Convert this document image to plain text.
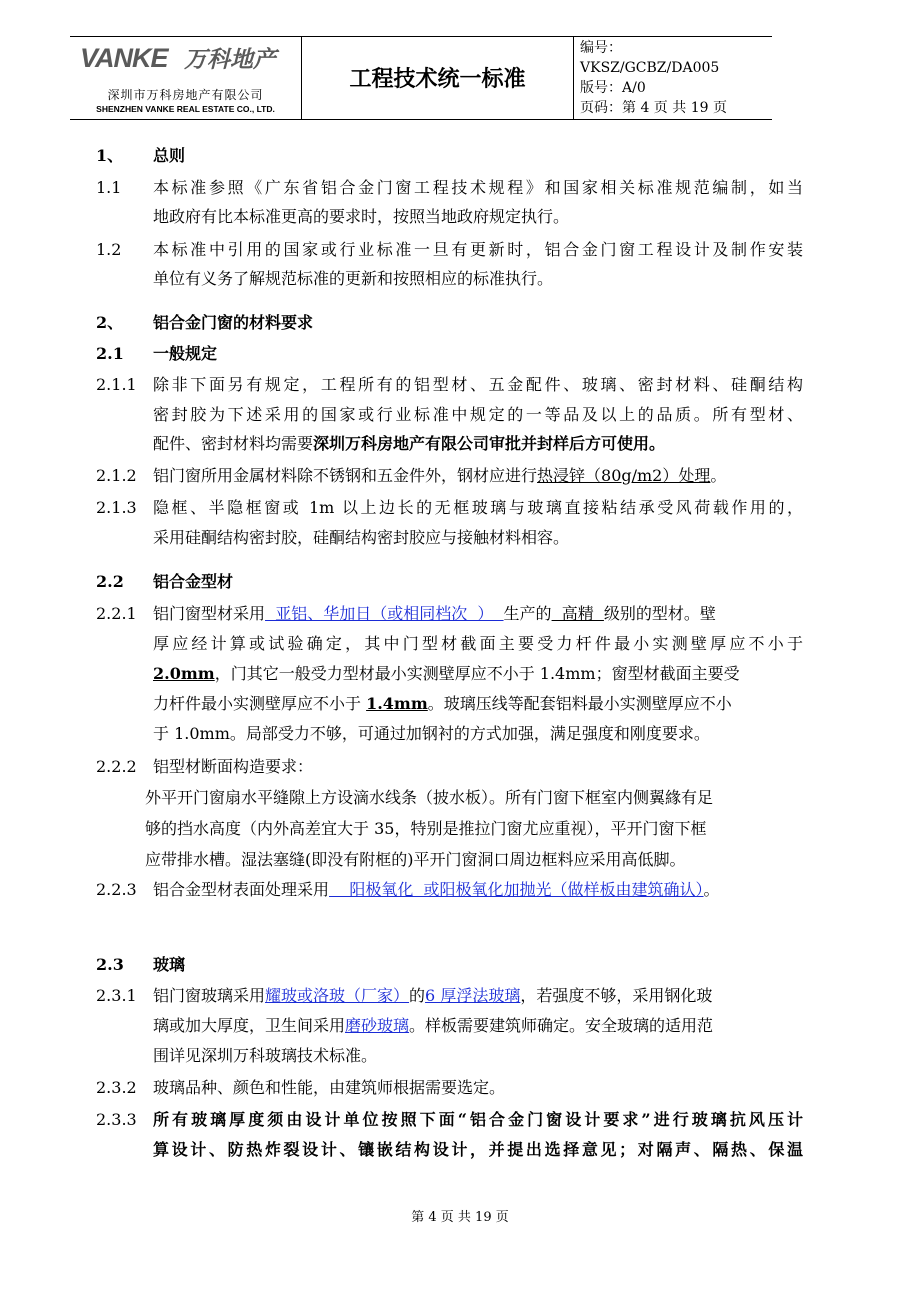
VANKE 万科地产
深圳市万科房地产有限公司
SHENZHEN VANKE REAL ESTATE CO., LTD.
工程技术统一标准
编号：
VKSZ/GCBZ/DA005
版号：A/0
页码：第 4 页 共 19 页
1、 总则
1.1 本标准参照《广东省铝合金门窗工程技术规程》和国家相关标准规范编制，如当
地政府有比本标准更高的要求时，按照当地政府规定执行。
1.2 本标准中引用的国家或行业标准一旦有更新时，铝合金门窗工程设计及制作安装
单位有义务了解规范标准的更新和按照相应的标准执行。
2、 铝合金门窗的材料要求
2.1 一般规定
2.1.1 除非下面另有规定，工程所有的铝型材、五金配件、玻璃、密封材料、硅酮结构
密封胶为下述采用的国家或行业标准中规定的一等品及以上的品质。所有型材、
配件、密封材料均需要深圳万科房地产有限公司审批并封样后方可使用。
2.1.2 铝门窗所用金属材料除不锈钢和五金件外，钢材应进行热浸锌（80g/m2）处理。
2.1.3 隐框、半隐框窗或 1m 以上边长的无框玻璃与玻璃直接粘结承受风荷载作用的，
采用硅酮结构密封胶，硅酮结构密封胶应与接触材料相容。
2.2 铝合金型材
2.2.1 铝门窗型材采用  亚铝、华加日（或相同档次  ）  生产的  高精  级别的型材。壁
厚应经计算或试验确定，其中门型材截面主要受力杆件最小实测壁厚应不小于
2.0mm，门其它一般受力型材最小实测壁厚应不小于 1.4mm；窗型材截面主要受
力杆件最小实测壁厚应不小于 1.4mm。玻璃压线等配套铝料最小实测壁厚应不小
于 1.0mm。局部受力不够，可通过加钢衬的方式加强，满足强度和刚度要求。
2.2.2 铝型材断面构造要求：
外平开门窗扇水平缝隙上方设滴水线条（披水板）。所有门窗下框室内侧翼緣有足
够的挡水高度（内外高差宜大于 35，特别是推拉门窗尤应重视），平开门窗下框
应带排水槽。湿法塞缝(即没有附框的)平开门窗洞口周边框料应采用高低脚。
2.2.3 铝合金型材表面处理采用    阳极氧化  或阳极氧化加抛光（做样板由建筑确认）。
2.3 玻璃
2.3.1 铝门窗玻璃采用耀玻或洛玻（厂家）的6 厚浮法玻璃，若强度不够，采用钢化玻
璃或加大厚度，卫生间采用磨砂玻璃。样板需要建筑师确定。安全玻璃的适用范
围详见深圳万科玻璃技术标准。
2.3.2 玻璃品种、颜色和性能，由建筑师根据需要选定。
2.3.3 所有玻璃厚度须由设计单位按照下面“铝合金门窗设计要求”进行玻璃抗风压计
算设计、防热炸裂设计、镶嵌结构设计，并提出选择意见；对隔声、隔热、保温
第 4 页 共 19 页
